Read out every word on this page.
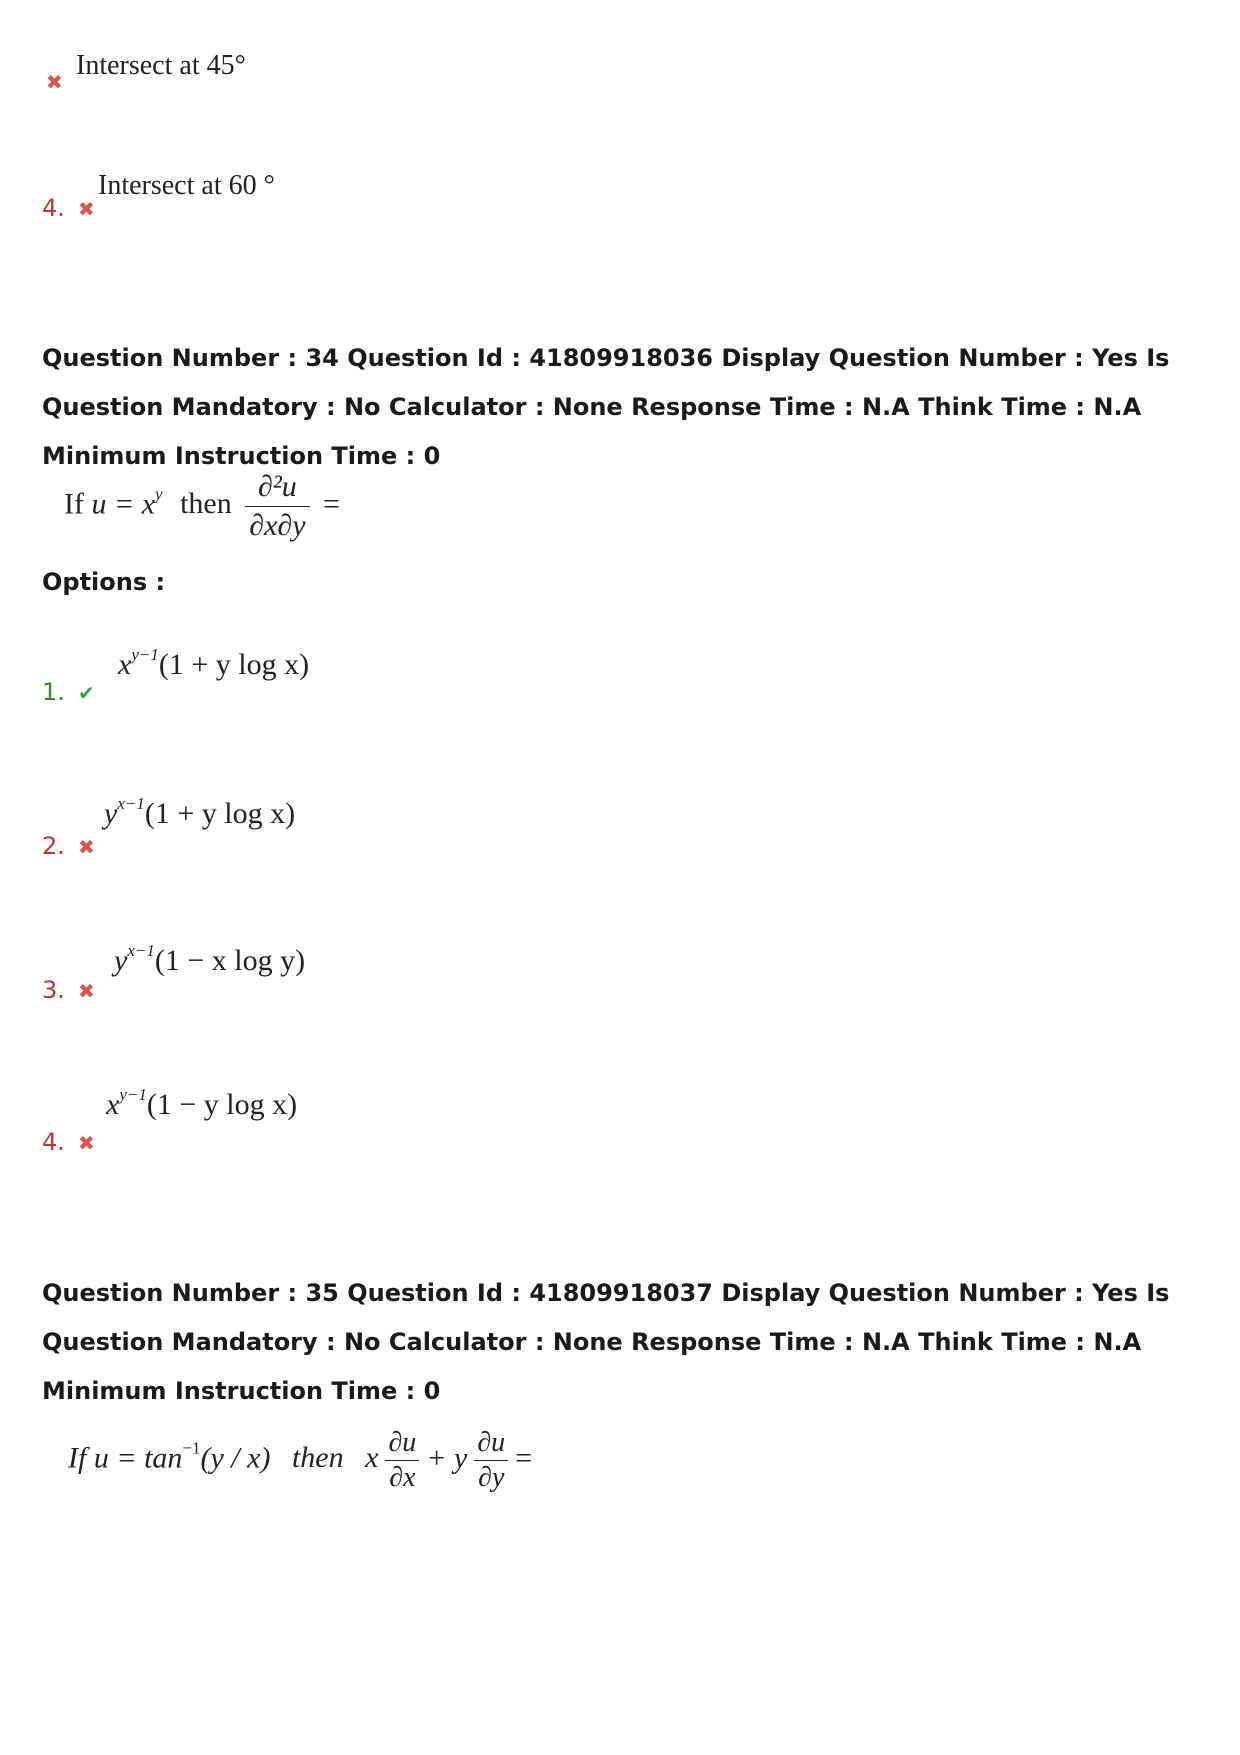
✖
Intersect at 45°
4. ✖
Intersect at 60 °
Question Number : 34 Question Id : 41809918036 Display Question Number : Yes Is Question Mandatory : No Calculator : None Response Time : N.A Think Time : N.A Minimum Instruction Time : 0
If $u = x^y$ then $\frac{\text{∂²u}}{\partial x\partial y}$ =
Options :
1. ✔
$x^{y-1}(1 + y$ log x)
2. ✖
$y^{x-1}(1 + y$ log x)
3. ✖
$y^{x-1}(1 - x$ log y)
4. ✖
$x^{y-1}(1 - y$ log x)
Question Number : 35 Question Id : 41809918037 Display Question Number : Yes Is Question Mandatory : No Calculator : None Response Time : N.A Think Time : N.A Minimum Instruction Time : 0
If $u = \tan^{-1}(y / x)$ then x $\frac{\partial u}{\partial x} + y \frac{\partial u}{\partial y}$ =
